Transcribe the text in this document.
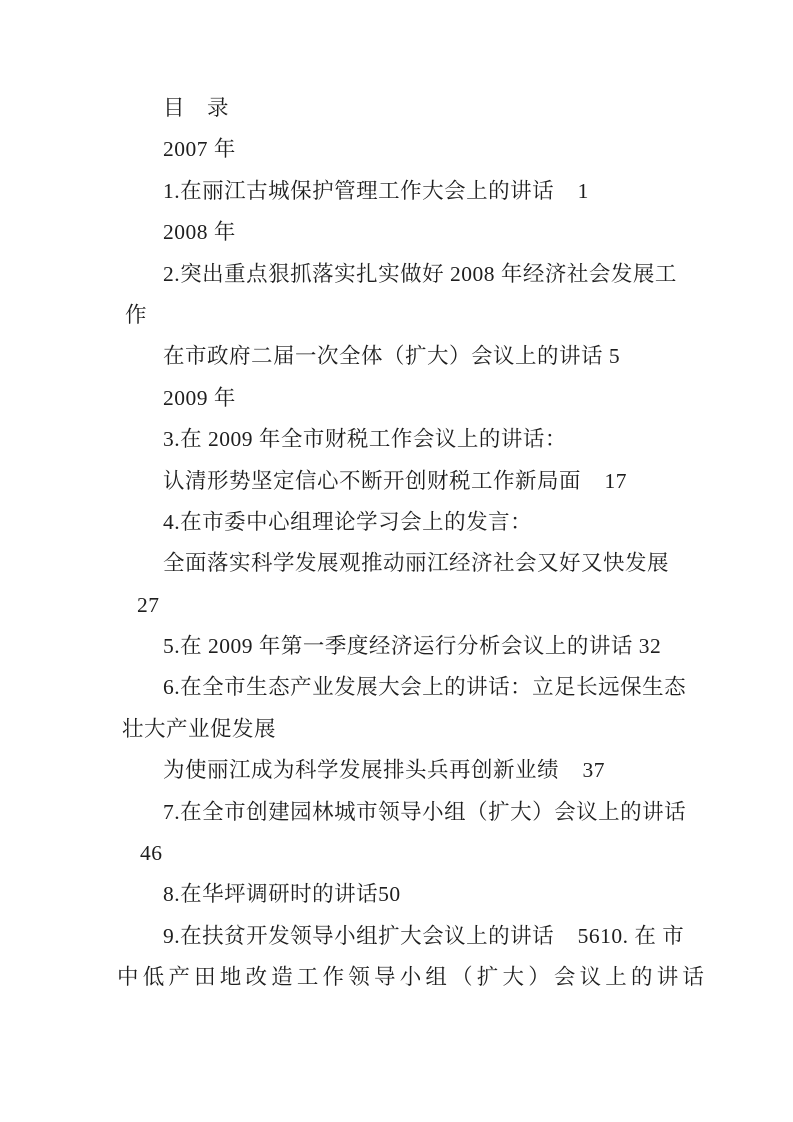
目　录
2007 年
1.在丽江古城保护管理工作大会上的讲话    1
2008 年
2.突出重点狠抓落实扎实做好 2008 年经济社会发展工
作
在市政府二届一次全体（扩大）会议上的讲话 5
2009 年
3.在 2009 年全市财税工作会议上的讲话：
认清形势坚定信心不断开创财税工作新局面    17
4.在市委中心组理论学习会上的发言：
全面落实科学发展观推动丽江经济社会又好又快发展
27
5.在 2009 年第一季度经济运行分析会议上的讲话 32
6.在全市生态产业发展大会上的讲话：立足长远保生态
壮大产业促发展
为使丽江成为科学发展排头兵再创新业绩    37
7.在全市创建园林城市领导小组（扩大）会议上的讲话
46
8.在华坪调研时的讲话50
9.在扶贫开发领导小组扩大会议上的讲话    5610. 在 市
中低产田地改造工作领导小组（扩大）会议上的讲话
